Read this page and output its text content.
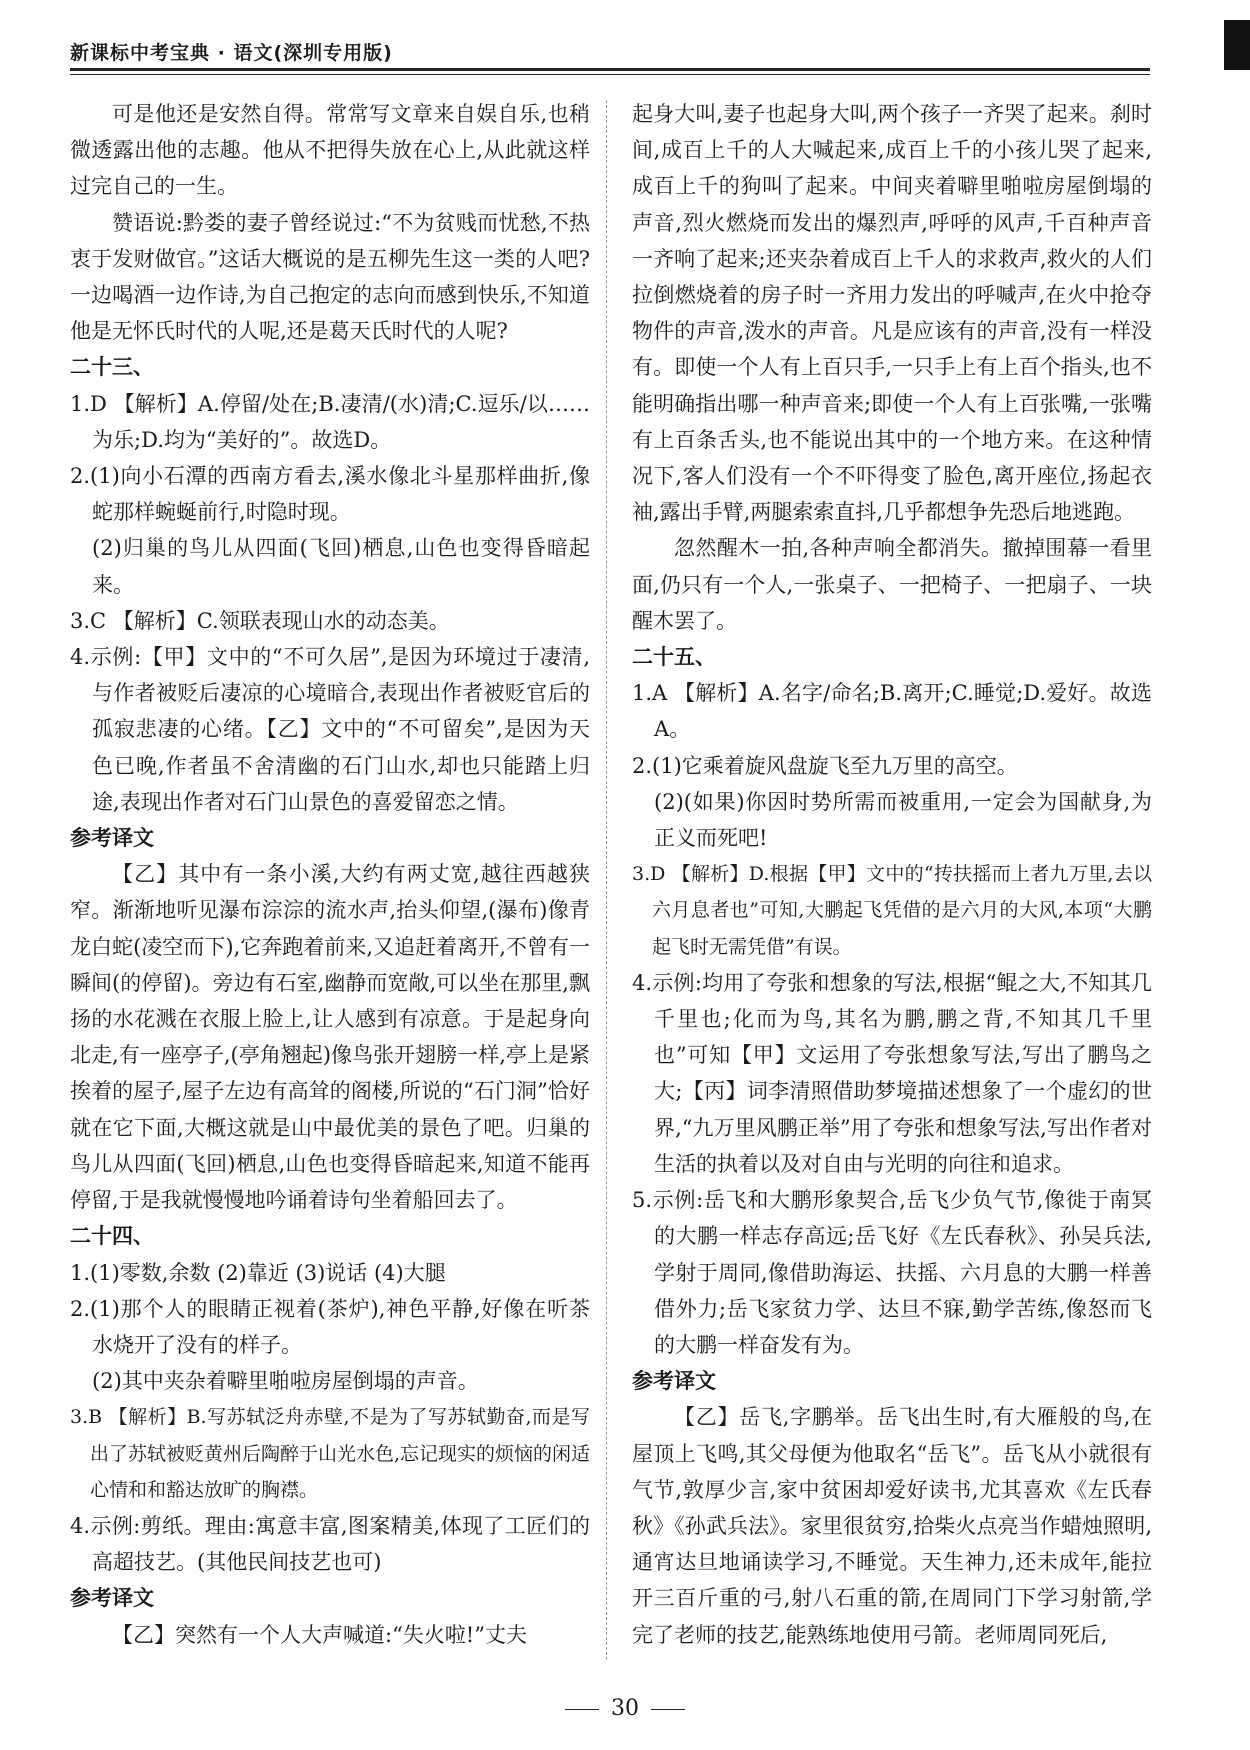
新课标中考宝典 · 语文(深圳专用版)

可是他还是安然自得。常常写文章来自娱自乐,也稍微透露出他的志趣。他从不把得失放在心上,从此就这样过完自己的一生。

赞语说:黔娄的妻子曾经说过:“不为贫贱而忧愁,不热衷于发财做官。”这话大概说的是五柳先生这一类的人吧?一边喝酒一边作诗,为自己抱定的志向而感到快乐,不知道他是无怀氏时代的人呢,还是葛天氏时代的人呢?

二十三、

1.D 【解析】A.停留/处在;B.凄清/(水)清;C.逗乐/以……为乐;D.均为“美好的”。故选D。

2.(1)向小石潭的西南方看去,溪水像北斗星那样曲折,像蛇那样蜿蜒前行,时隐时现。

(2)归巢的鸟儿从四面(飞回)栖息,山色也变得昏暗起来。

3.C 【解析】C.领联表现山水的动态美。

4.示例:【甲】文中的“不可久居”,是因为环境过于凄清,与作者被贬后凄凉的心境暗合,表现出作者被贬官后的孤寂悲凄的心绪。【乙】文中的“不可留矣”,是因为天色已晚,作者虽不舍清幽的石门山水,却也只能踏上归途,表现出作者对石门山景色的喜爱留恋之情。

参考译文

【乙】其中有一条小溪,大约有两丈宽,越往西越狭窄。渐渐地听见瀑布淙淙的流水声,抬头仰望,(瀑布)像青龙白蛇(凌空而下),它奔跑着前来,又追赶着离开,不曾有一瞬间(的停留)。旁边有石室,幽静而宽敞,可以坐在那里,飘扬的水花溅在衣服上脸上,让人感到有凉意。于是起身向北走,有一座亭子,(亭角翘起)像鸟张开翅膀一样,亭上是紧挨着的屋子,屋子左边有高耸的阁楼,所说的“石门洞”恰好就在它下面,大概这就是山中最优美的景色了吧。归巢的鸟儿从四面(飞回)栖息,山色也变得昏暗起来,知道不能再停留,于是我就慢慢地吟诵着诗句坐着船回去了。

二十四、

1.(1)零数,余数 (2)靠近 (3)说话 (4)大腿

2.(1)那个人的眼睛正视着(茶炉),神色平静,好像在听茶水烧开了没有的样子。

(2)其中夹杂着噼里啪啦房屋倒塌的声音。

3.B 【解析】B.写苏轼泛舟赤壁,不是为了写苏轼勤奋,而是写出了苏轼被贬黄州后陶醉于山光水色,忘记现实的烦恼的闲适心情和和豁达放旷的胸襟。

4.示例:剪纸。理由:寓意丰富,图案精美,体现了工匠们的高超技艺。(其他民间技艺也可)

参考译文

【乙】突然有一个人大声喊道:“失火啦!”丈夫

起身大叫,妻子也起身大叫,两个孩子一齐哭了起来。刹时间,成百上千的人大喊起来,成百上千的小孩儿哭了起来,成百上千的狗叫了起来。中间夹着噼里啪啦房屋倒塌的声音,烈火燃烧而发出的爆烈声,呼呼的风声,千百种声音一齐响了起来;还夹杂着成百上千人的求救声,救火的人们拉倒燃烧着的房子时一齐用力发出的呼喊声,在火中抢夺物件的声音,泼水的声音。凡是应该有的声音,没有一样没有。即使一个人有上百只手,一只手上有上百个指头,也不能明确指出哪一种声音来;即使一个人有上百张嘴,一张嘴有上百条舌头,也不能说出其中的一个地方来。在这种情况下,客人们没有一个不吓得变了脸色,离开座位,扬起衣袖,露出手臂,两腿索索直抖,几乎都想争先恐后地逃跑。

忽然醒木一拍,各种声响全都消失。撤掉围幕一看里面,仍只有一个人,一张桌子、一把椅子、一把扇子、一块醒木罢了。

二十五、

1.A 【解析】A.名字/命名;B.离开;C.睡觉;D.爱好。故选A。

2.(1)它乘着旋风盘旋飞至九万里的高空。

(2)(如果)你因时势所需而被重用,一定会为国献身,为正义而死吧!

3.D 【解析】D.根据【甲】文中的“抟扶摇而上者九万里,去以六月息者也”可知,大鹏起飞凭借的是六月的大风,本项“大鹏起飞时无需凭借”有误。

4.示例:均用了夸张和想象的写法,根据“鲲之大,不知其几千里也;化而为鸟,其名为鹏,鹏之背,不知其几千里也”可知【甲】文运用了夸张想象写法,写出了鹏鸟之大;【丙】词李清照借助梦境描述想象了一个虚幻的世界,“九万里风鹏正举”用了夸张和想象写法,写出作者对生活的执着以及对自由与光明的向往和追求。

5.示例:岳飞和大鹏形象契合,岳飞少负气节,像徙于南冥的大鹏一样志存高远;岳飞好《左氏春秋》、孙吴兵法,学射于周同,像借助海运、扶摇、六月息的大鹏一样善借外力;岳飞家贫力学、达旦不寐,勤学苦练,像怒而飞的大鹏一样奋发有为。

参考译文

【乙】岳飞,字鹏举。岳飞出生时,有大雁般的鸟,在屋顶上飞鸣,其父母便为他取名“岳飞”。岳飞从小就很有气节,敦厚少言,家中贫困却爱好读书,尤其喜欢《左氏春秋》《孙武兵法》。家里很贫穷,拾柴火点亮当作蜡烛照明,通宵达旦地诵读学习,不睡觉。天生神力,还未成年,能拉开三百斤重的弓,射八石重的箭,在周同门下学习射箭,学完了老师的技艺,能熟练地使用弓箭。老师周同死后,

30
